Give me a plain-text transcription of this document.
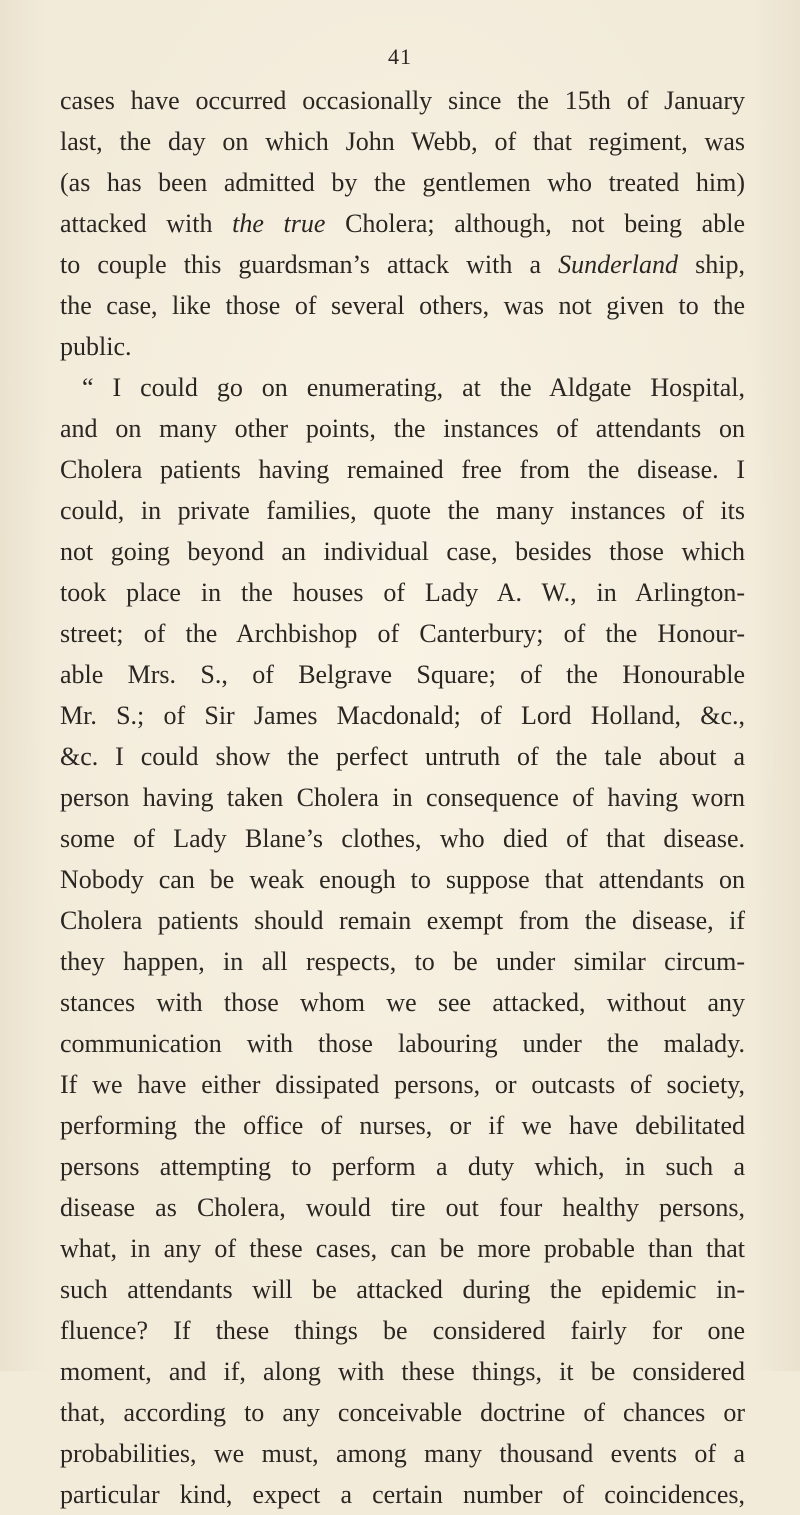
41
cases have occurred occasionally since the 15th of January
last, the day on which John Webb, of that regiment, was
(as has been admitted by the gentlemen who treated him)
attacked with the true Cholera; although, not being able
to couple this guardsman’s attack with a Sunderland ship,
the case, like those of several others, was not given to the
public.
“ I could go on enumerating, at the Aldgate Hospital,
and on many other points, the instances of attendants on
Cholera patients having remained free from the disease. I
could, in private families, quote the many instances of its
not going beyond an individual case, besides those which
took place in the houses of Lady A. W., in Arlington-
street; of the Archbishop of Canterbury; of the Honour-
able Mrs. S., of Belgrave Square; of the Honourable
Mr. S.; of Sir James Macdonald; of Lord Holland, &c.,
&c. I could show the perfect untruth of the tale about a
person having taken Cholera in consequence of having worn
some of Lady Blane’s clothes, who died of that disease.
Nobody can be weak enough to suppose that attendants on
Cholera patients should remain exempt from the disease, if
they happen, in all respects, to be under similar circum-
stances with those whom we see attacked, without any
communication with those labouring under the malady.
If we have either dissipated persons, or outcasts of society,
performing the office of nurses, or if we have debilitated
persons attempting to perform a duty which, in such a
disease as Cholera, would tire out four healthy persons,
what, in any of these cases, can be more probable than that
such attendants will be attacked during the epidemic in-
fluence? If these things be considered fairly for one
moment, and if, along with these things, it be considered
that, according to any conceivable doctrine of chances or
probabilities, we must, among many thousand events of a
particular kind, expect a certain number of coincidences,
